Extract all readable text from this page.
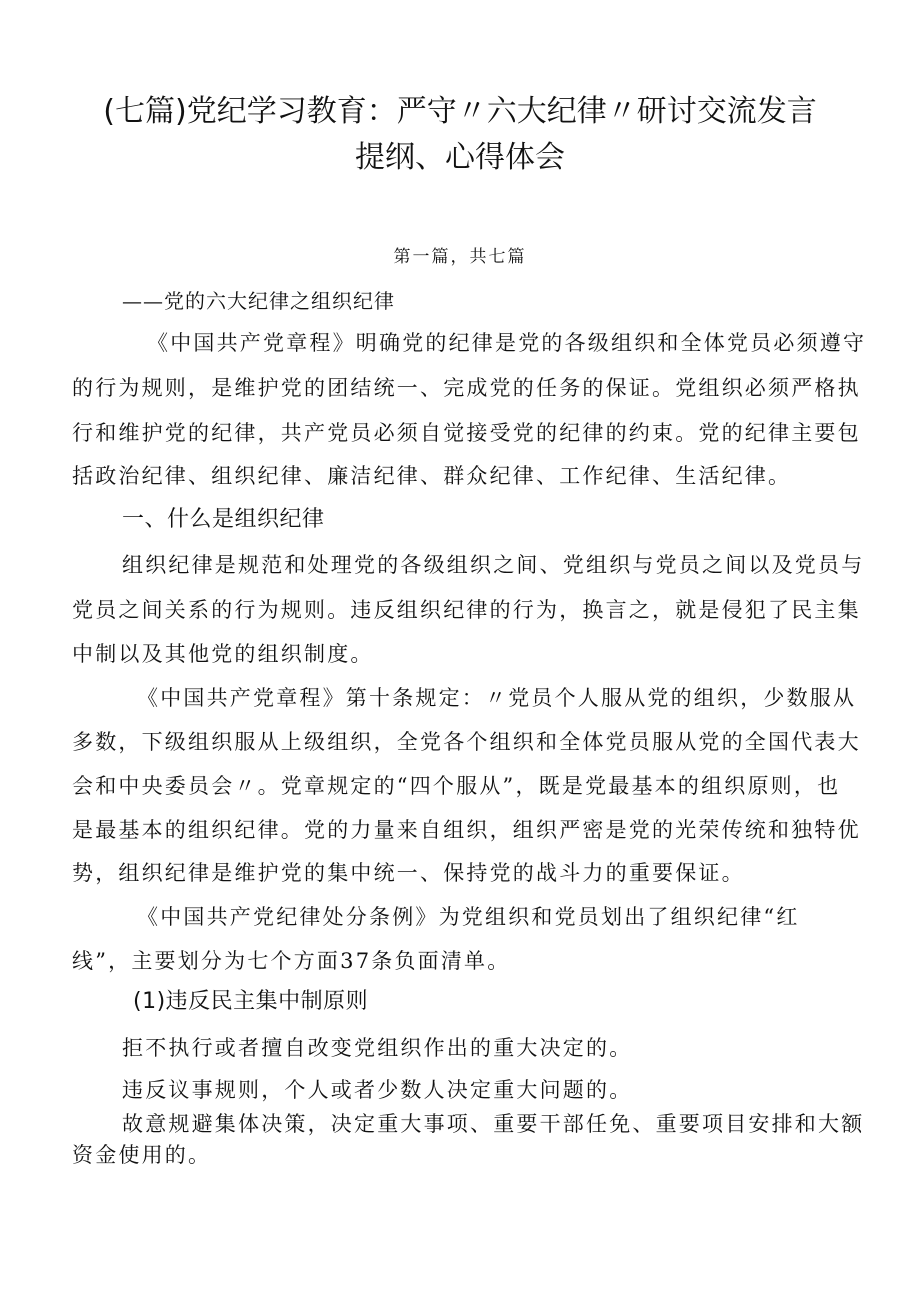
(七篇)党纪学习教育：严守〃六大纪律〃研讨交流发言
提纲、心得体会
第一篇，共七篇
——党的六大纪律之组织纪律
《中国共产党章程》明确党的纪律是党的各级组织和全体党员必须遵守
的行为规则，是维护党的团结统一、完成党的任务的保证。党组织必须严格执
行和维护党的纪律，共产党员必须自觉接受党的纪律的约束。党的纪律主要包
括政治纪律、组织纪律、廉洁纪律、群众纪律、工作纪律、生活纪律。
一、什么是组织纪律
组织纪律是规范和处理党的各级组织之间、党组织与党员之间以及党员与
党员之间关系的行为规则。违反组织纪律的行为，换言之，就是侵犯了民主集
中制以及其他党的组织制度。
《中国共产党章程》第十条规定：〃党员个人服从党的组织，少数服从
多数，下级组织服从上级组织，全党各个组织和全体党员服从党的全国代表大
会和中央委员会〃。党章规定的“四个服从”，既是党最基本的组织原则，也
是最基本的组织纪律。党的力量来自组织，组织严密是党的光荣传统和独特优
势，组织纪律是维护党的集中统一、保持党的战斗力的重要保证。
《中国共产党纪律处分条例》为党组织和党员划出了组织纪律“红
线”，主要划分为七个方面37条负面清单。
(1)违反民主集中制原则
拒不执行或者擅自改变党组织作出的重大决定的。
违反议事规则，个人或者少数人决定重大问题的。
故意规避集体决策，决定重大事项、重要干部任免、重要项目安排和大额
资金使用的。
